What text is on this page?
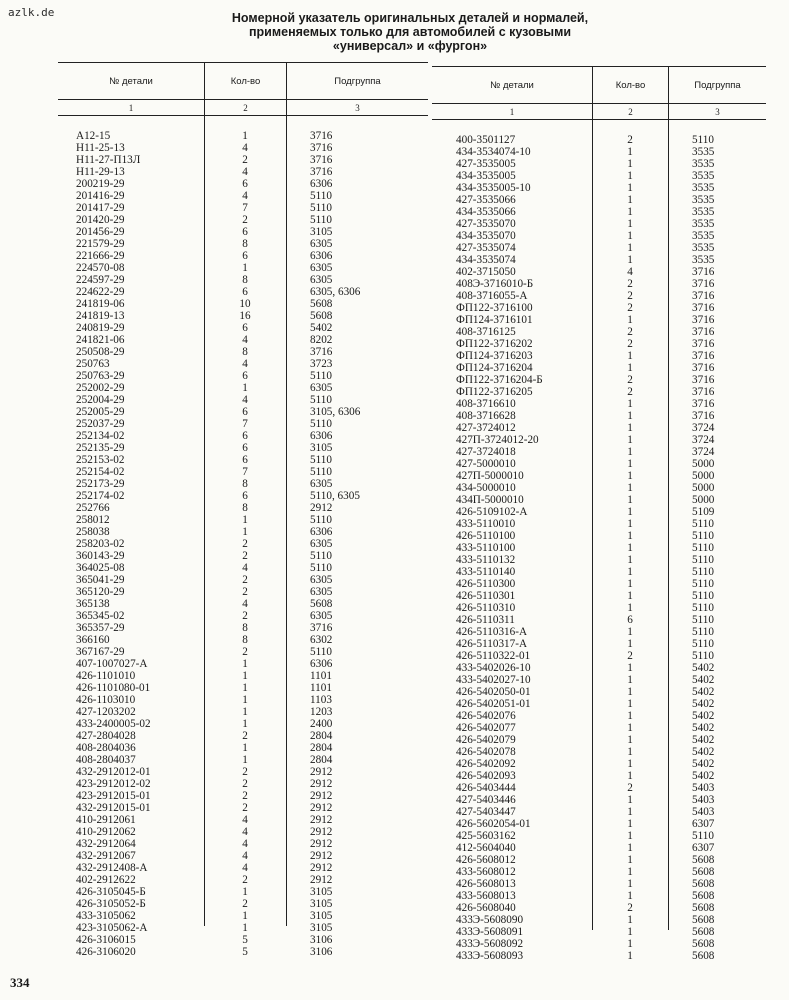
azlk.de	Номерной указатель оригинальных деталей и нормалей,
применяемых только для автомобилей с кузовыми
«универсал» и «фургон»
№ детали	Кол-во	Подгруппа
1	2	3
А12-15	1	3716
Н11-25-13	4	3716
Н11-27-П13Л	2	3716
Н11-29-13	4	3716
200219-29	6	6306
201416-29	4	5110
201417-29	7	5110
201420-29	2	5110
201456-29	6	3105
221579-29	8	6305
221666-29	6	6306
224570-08	1	6305
224597-29	8	6305
224622-29	6	6305, 6306
241819-06	10	5608
241819-13	16	5608
240819-29	6	5402
241821-06	4	8202
250508-29	8	3716
250763	4	3723
250763-29	6	5110
252002-29	1	6305
252004-29	4	5110
252005-29	6	3105, 6306
252037-29	7	5110
252134-02	6	6306
252135-29	6	3105
252153-02	6	5110
252154-02	7	5110
252173-29	8	6305
252174-02	6	5110, 6305
252766	8	2912
258012	1	5110
258038	1	6306
258203-02	2	6305
360143-29	2	5110
364025-08	4	5110
365041-29	2	6305
365120-29	2	6305
365138	4	5608
365345-02	2	6305
365357-29	8	3716
366160	8	6302
367167-29	2	5110
407-1007027-А	1	6306
426-1101010	1	1101
426-1101080-01	1	1101
426-1103010	1	1103
427-1203202	1	1203
433-2400005-02	1	2400
427-2804028	2	2804
408-2804036	1	2804
408-2804037	1	2804
432-2912012-01	2	2912
423-2912012-02	2	2912
423-2912015-01	2	2912
432-2912015-01	2	2912
410-2912061	4	2912
410-2912062	4	2912
432-2912064	4	2912
432-2912067	4	2912
432-2912408-А	4	2912
402-2912622	2	2912
426-3105045-Б	1	3105
426-3105052-Б	2	3105
433-3105062	1	3105
423-3105062-А	1	3105
426-3106015	5	3106
426-3106020	5	3106
№ детали	Кол-во	Подгруппа
1	2	3
400-3501127	2	5110
434-3534074-10	1	3535
427-3535005	1	3535
434-3535005	1	3535
434-3535005-10	1	3535
427-3535066	1	3535
434-3535066	1	3535
427-3535070	1	3535
434-3535070	1	3535
427-3535074	1	3535
434-3535074	1	3535
402-3715050	4	3716
408Э-3716010-Б	2	3716
408-3716055-А	2	3716
ФП122-3716100	2	3716
ФП124-3716101	1	3716
408-3716125	2	3716
ФП122-3716202	2	3716
ФП124-3716203	1	3716
ФП124-3716204	1	3716
ФП122-3716204-Б	2	3716
ФП122-3716205	2	3716
408-3716610	1	3716
408-3716628	1	3716
427-3724012	1	3724
427П-3724012-20	1	3724
427-3724018	1	3724
427-5000010	1	5000
427П-5000010	1	5000
434-5000010	1	5000
434П-5000010	1	5000
426-5109102-А	1	5109
433-5110010	1	5110
426-5110100	1	5110
433-5110100	1	5110
433-5110132	1	5110
433-5110140	1	5110
426-5110300	1	5110
426-5110301	1	5110
426-5110310	1	5110
426-5110311	6	5110
426-5110316-А	1	5110
426-5110317-А	1	5110
426-5110322-01	2	5110
433-5402026-10	1	5402
433-5402027-10	1	5402
426-5402050-01	1	5402
426-5402051-01	1	5402
426-5402076	1	5402
426-5402077	1	5402
426-5402079	1	5402
426-5402078	1	5402
426-5402092	1	5402
426-5402093	1	5402
426-5403444	2	5403
427-5403446	1	5403
427-5403447	1	5403
426-5602054-01	1	6307
425-5603162	1	5110
412-5604040	1	6307
426-5608012	1	5608
433-5608012	1	5608
426-5608013	1	5608
433-5608013	1	5608
426-5608040	2	5608
433Э-5608090	1	5608
433Э-5608091	1	5608
433Э-5608092	1	5608
433Э-5608093	1	5608
334
